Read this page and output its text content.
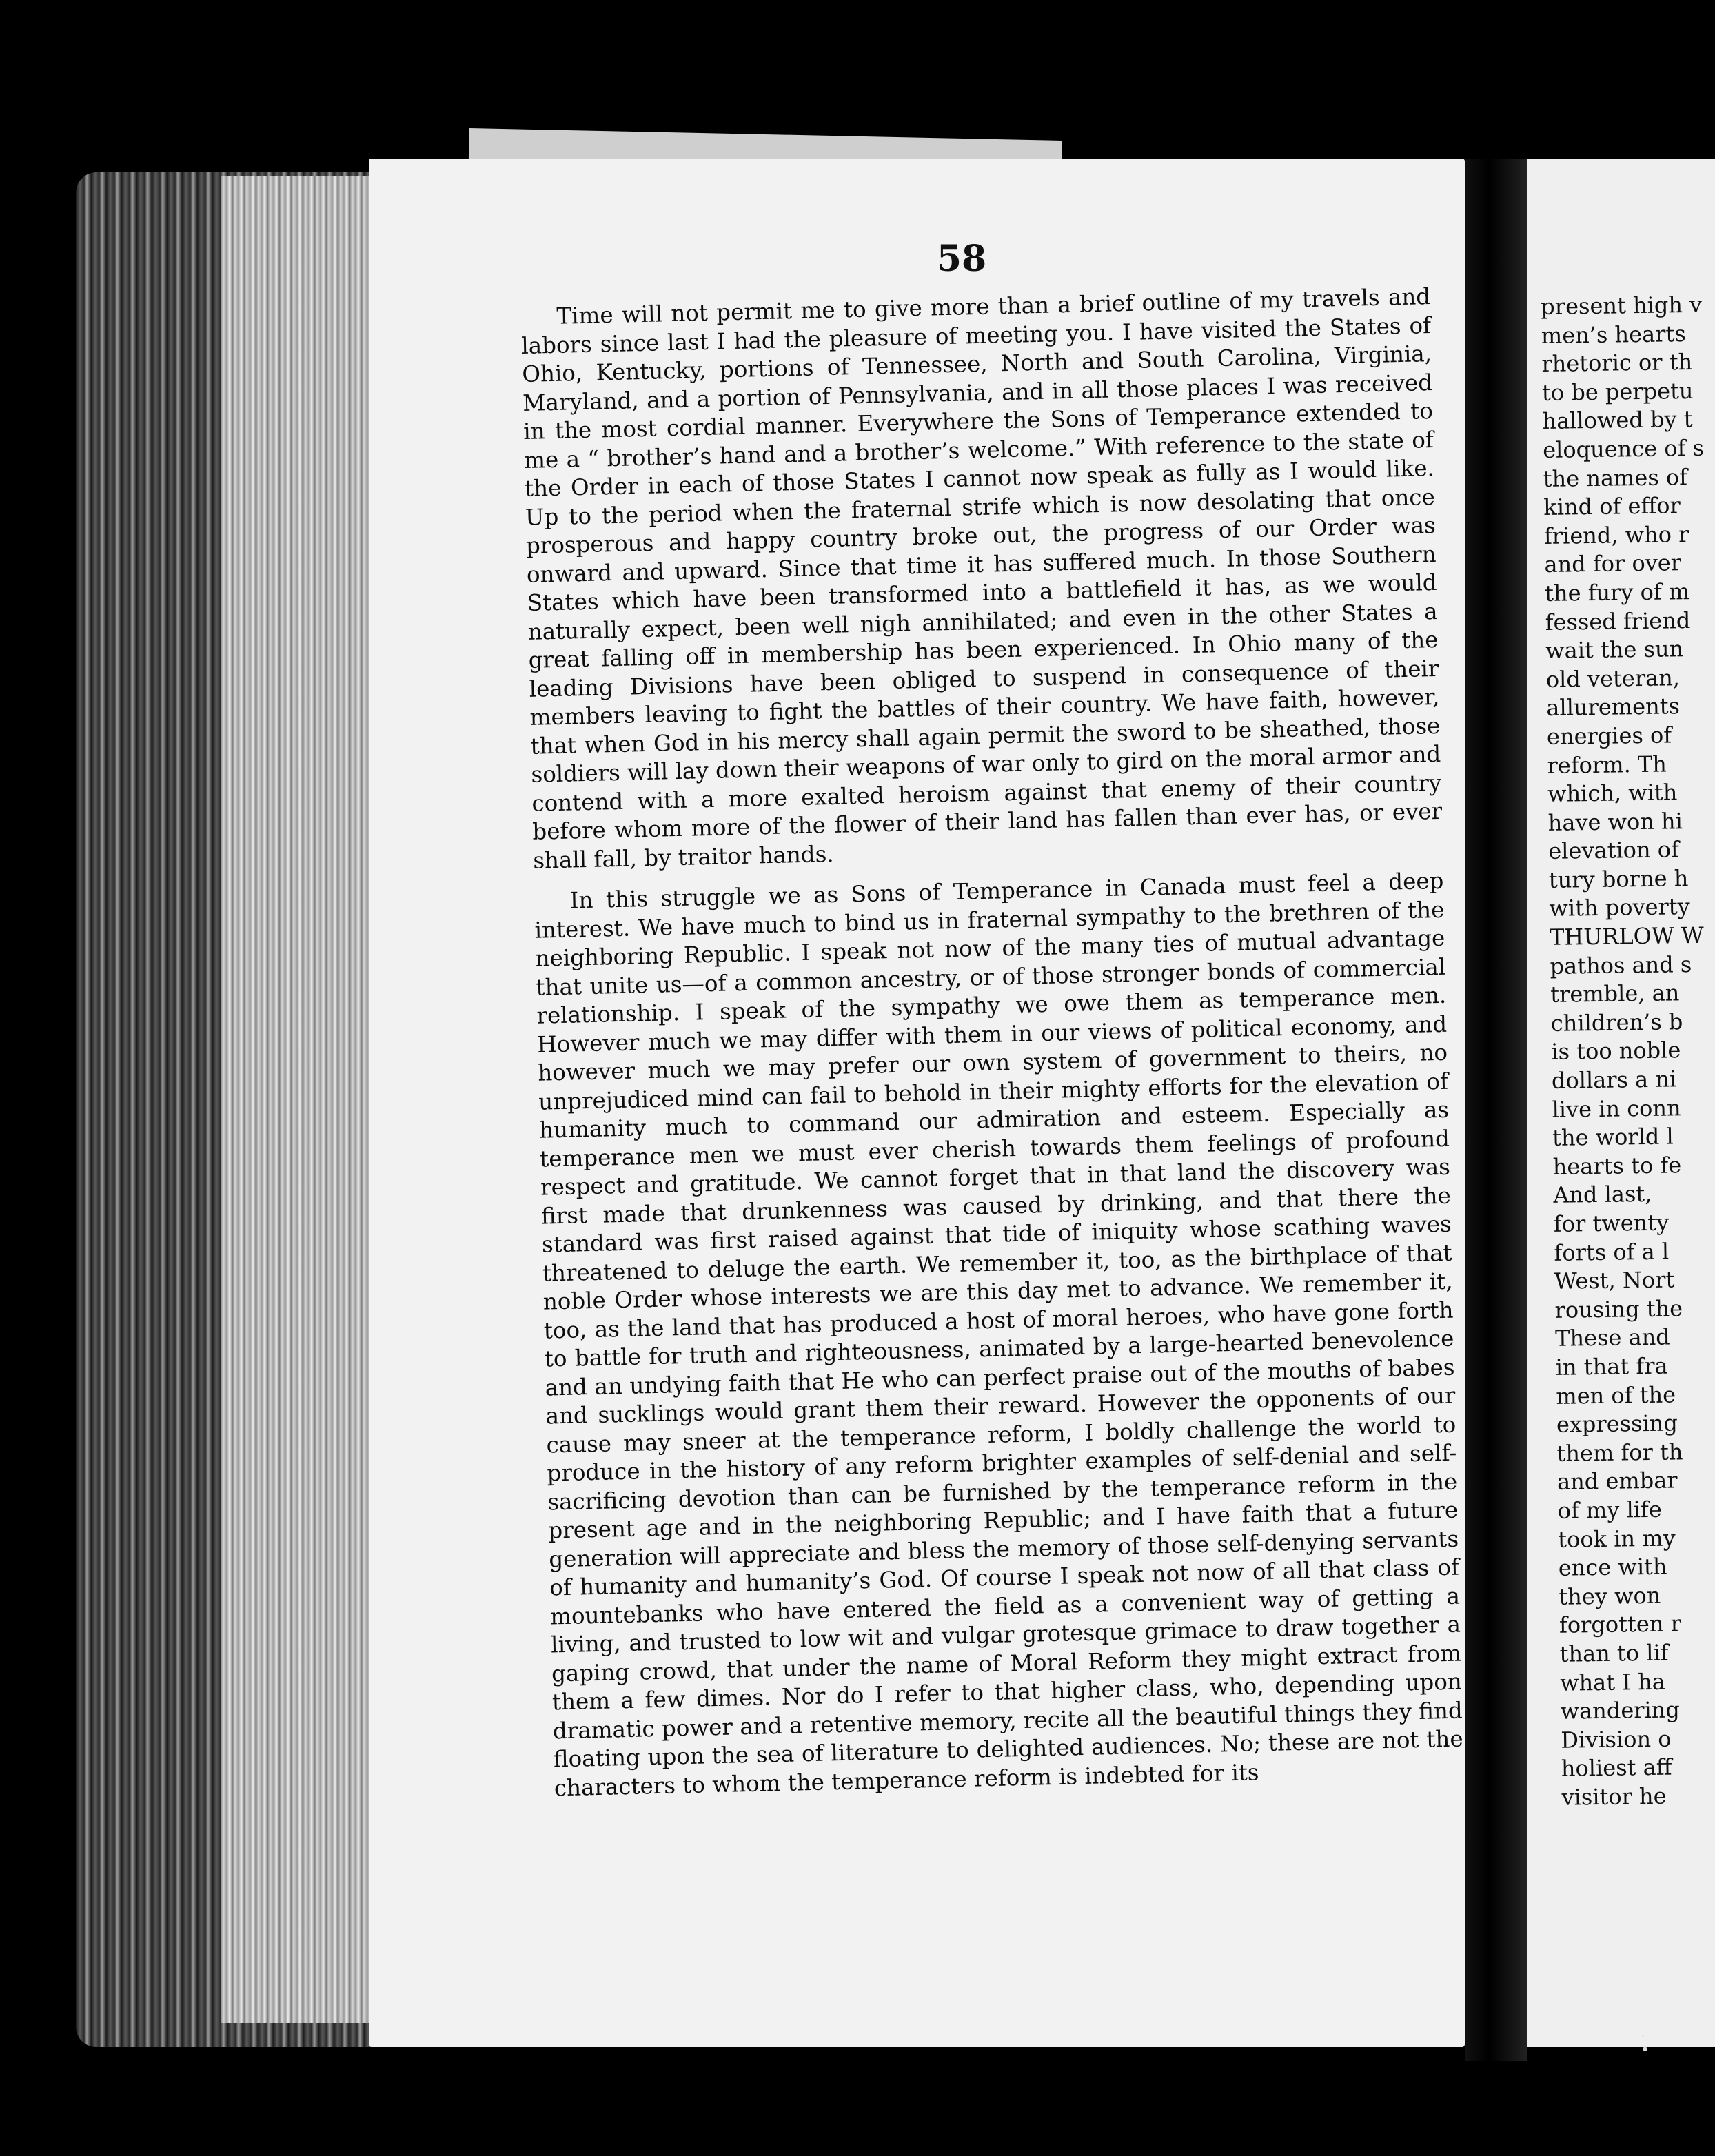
58

Time will not permit me to give more than a brief outline of my travels and labors since last I had the pleasure of meeting you. I have visited the States of Ohio, Kentucky, portions of Tennessee, North and South Carolina, Virginia, Maryland, and a portion of Pennsylvania, and in all those places I was received in the most cordial manner. Everywhere the Sons of Temperance extended to me a “ brother’s hand and a brother’s welcome.” With reference to the state of the Order in each of those States I cannot now speak as fully as I would like. Up to the period when the fraternal strife which is now desolating that once prosperous and happy country broke out, the progress of our Order was onward and upward. Since that time it has suffered much. In those Southern States which have been transformed into a battlefield it has, as we would naturally expect, been well nigh annihilated; and even in the other States a great falling off in membership has been experienced. In Ohio many of the leading Divisions have been obliged to suspend in consequence of their members leaving to fight the battles of their country. We have faith, however, that when God in his mercy shall again permit the sword to be sheathed, those soldiers will lay down their weapons of war only to gird on the moral armor and contend with a more exalted heroism against that enemy of their country before whom more of the flower of their land has fallen than ever has, or ever shall fall, by traitor hands.

In this struggle we as Sons of Temperance in Canada must feel a deep interest. We have much to bind us in fraternal sympathy to the brethren of the neighboring Republic. I speak not now of the many ties of mutual advantage that unite us—of a common ancestry, or of those stronger bonds of commercial relationship. I speak of the sympathy we owe them as temperance men. However much we may differ with them in our views of political economy, and however much we may prefer our own system of government to theirs, no unprejudiced mind can fail to behold in their mighty efforts for the elevation of humanity much to command our admiration and esteem. Especially as temperance men we must ever cherish towards them feelings of profound respect and gratitude. We cannot forget that in that land the discovery was first made that drunkenness was caused by drinking, and that there the standard was first raised against that tide of iniquity whose scathing waves threatened to deluge the earth. We remember it, too, as the birthplace of that noble Order whose interests we are this day met to advance. We remember it, too, as the land that has produced a host of moral heroes, who have gone forth to battle for truth and righteousness, animated by a large-hearted benevolence and an undying faith that He who can perfect praise out of the mouths of babes and sucklings would grant them their reward. However the opponents of our cause may sneer at the temperance reform, I boldly challenge the world to produce in the history of any reform brighter examples of self-denial and self-sacrificing devotion than can be furnished by the temperance reform in the present age and in the neighboring Republic; and I have faith that a future generation will appreciate and bless the memory of those self-denying servants of humanity and humanity’s God. Of course I speak not now of all that class of mountebanks who have entered the field as a convenient way of getting a living, and trusted to low wit and vulgar grotesque grimace to draw together a gaping crowd, that under the name of Moral Reform they might extract from them a few dimes. Nor do I refer to that higher class, who, depending upon dramatic power and a retentive memory, recite all the beautiful things they find floating upon the sea of literature to delighted audiences. No; these are not the characters to whom the temperance reform is indebted for its

present high v
men’s hearts
rhetoric or th
to be perpetu
hallowed by t
eloquence of s
the names of
kind of effor
friend, who r
and for over
the fury of m
fessed friend
wait the sun
old veteran,
allurements
energies of
reform. Th
which, with
have won hi
elevation of
tury borne h
with poverty
THURLOW W
pathos and s
tremble, an
children’s b
is too noble
dollars a ni
live in conn
the world l
hearts to fe
And last,
for twenty
forts of a l
West, Nort
rousing the
These and
in that fra
men of the
expressing
them for th
and embar
of my life
took in my
ence with
they won
forgotten r
than to lif
what I ha
wandering
Division o
holiest aff
visitor he
·
•
